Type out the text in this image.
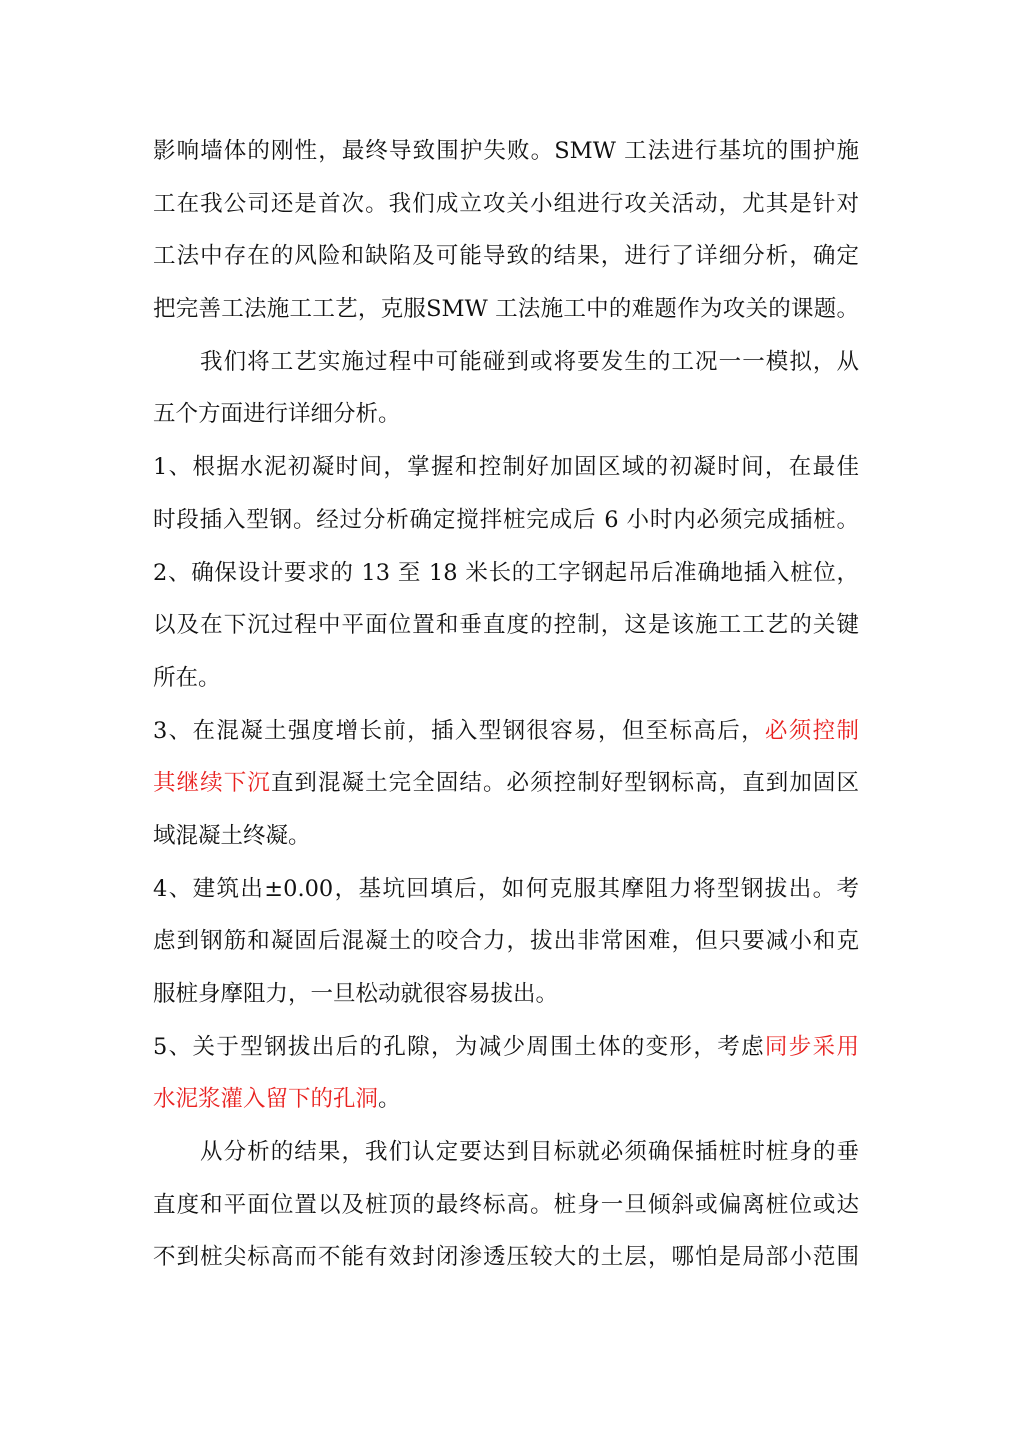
影响墙体的刚性，最终导致围护失败。SMW 工法进行基坑的围护施
工在我公司还是首次。我们成立攻关小组进行攻关活动，尤其是针对
工法中存在的风险和缺陷及可能导致的结果，进行了详细分析，确定
把完善工法施工工艺，克服SMW 工法施工中的难题作为攻关的课题。
我们将工艺实施过程中可能碰到或将要发生的工况一一模拟，从
五个方面进行详细分析。
1、根据水泥初凝时间，掌握和控制好加固区域的初凝时间，在最佳
时段插入型钢。经过分析确定搅拌桩完成后 6 小时内必须完成插桩。
2、确保设计要求的 13 至 18 米长的工字钢起吊后准确地插入桩位，
以及在下沉过程中平面位置和垂直度的控制，这是该施工工艺的关键
所在。
3、在混凝土强度增长前，插入型钢很容易，但至标高后，必须控制
其继续下沉直到混凝土完全固结。必须控制好型钢标高，直到加固区
域混凝土终凝。
4、建筑出±0.00，基坑回填后，如何克服其摩阻力将型钢拔出。考
虑到钢筋和凝固后混凝土的咬合力，拔出非常困难，但只要减小和克
服桩身摩阻力，一旦松动就很容易拔出。
5、关于型钢拔出后的孔隙，为减少周围土体的变形，考虑同步采用
水泥浆灌入留下的孔洞。
从分析的结果，我们认定要达到目标就必须确保插桩时桩身的垂
直度和平面位置以及桩顶的最终标高。桩身一旦倾斜或偏离桩位或达
不到桩尖标高而不能有效封闭渗透压较大的土层，哪怕是局部小范围
